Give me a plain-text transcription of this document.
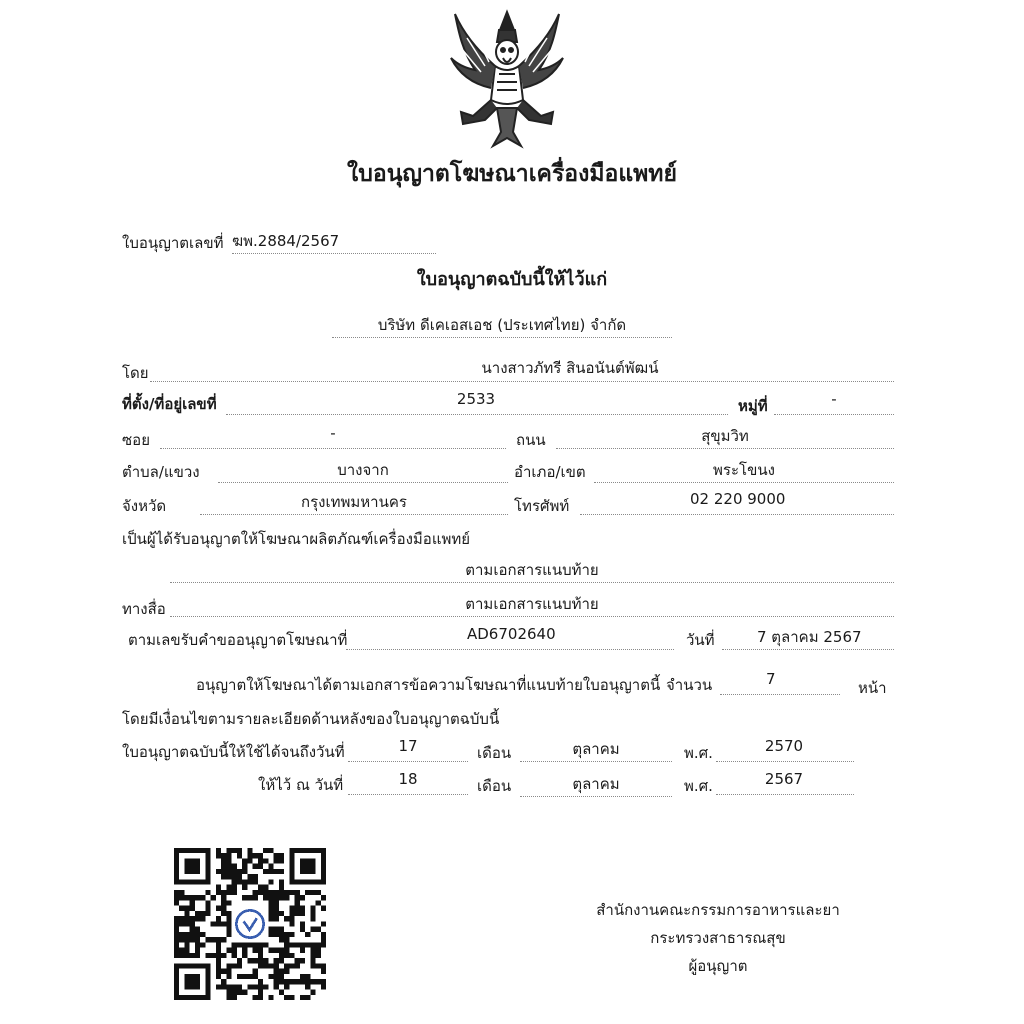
ใบอนุญาตโฆษณาเครื่องมือแพทย์
ใบอนุญาตเลขที่ ฆพ.2884/2567
ใบอนุญาตฉบับนี้ให้ไว้แก่
บริษัท ดีเคเอสเอช (ประเทศไทย) จำกัด
โดย	นางสาวภัทรี สินอนันต์พัฒน์
ที่ตั้ง/ที่อยู่เลขที่	2533	หมู่ที่	-
ซอย	-	ถนน	สุขุมวิท
ตำบล/แขวง	บางจาก	อำเภอ/เขต	พระโขนง
จังหวัด	กรุงเทพมหานคร	โทรศัพท์	02 220 9000
เป็นผู้ได้รับอนุญาตให้โฆษณาผลิตภัณฑ์เครื่องมือแพทย์
ตามเอกสารแนบท้าย
ทางสื่อ	ตามเอกสารแนบท้าย
ตามเลขรับคำขออนุญาตโฆษณาที่	AD6702640	วันที่	7 ตุลาคม 2567
อนุญาตให้โฆษณาได้ตามเอกสารข้อความโฆษณาที่แนบท้ายใบอนุญาตนี้ จำนวน	7	หน้า
โดยมีเงื่อนไขตามรายละเอียดด้านหลังของใบอนุญาตฉบับนี้
ใบอนุญาตฉบับนี้ให้ใช้ได้จนถึงวันที่	17	เดือน	ตุลาคม	พ.ศ.	2570
ให้ไว้ ณ วันที่	18	เดือน	ตุลาคม	พ.ศ.	2567
สำนักงานคณะกรรมการอาหารและยา
กระทรวงสาธารณสุข
ผู้อนุญาต
